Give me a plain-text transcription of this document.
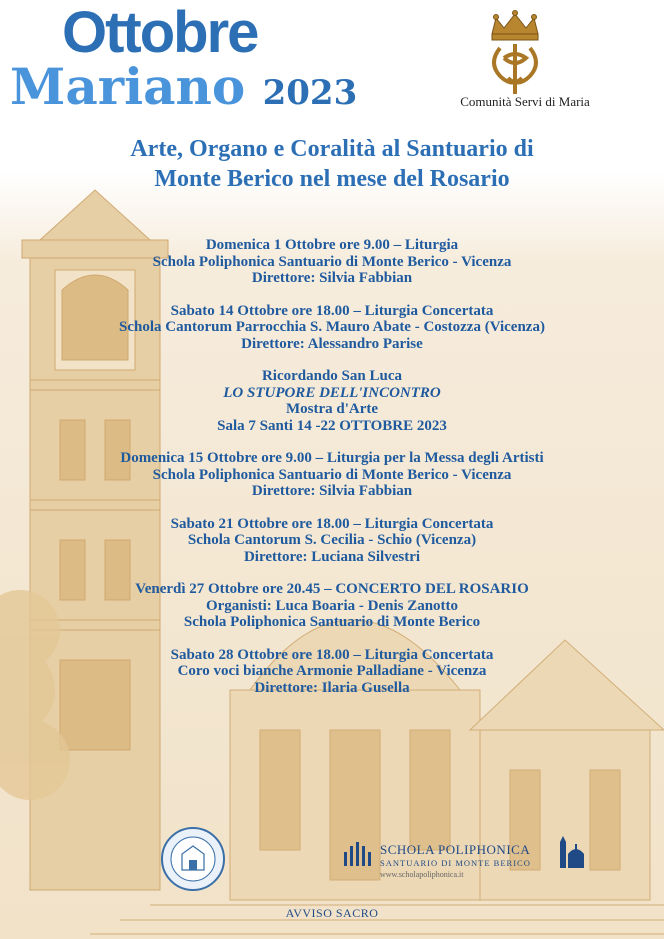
Ottobre
Mariano 2023	Comunità Servi di Maria
Arte, Organo e Coralità al Santuario di
Monte Berico nel mese del Rosario
Domenica 1 Ottobre ore 9.00 – Liturgia
Schola Poliphonica Santuario di Monte Berico - Vicenza
Direttore: Silvia Fabbian
Sabato 14 Ottobre ore 18.00 – Liturgia Concertata
Schola Cantorum Parrocchia S. Mauro Abate - Costozza (Vicenza)
Direttore: Alessandro Parise
Ricordando San Luca
LO STUPORE DELL'INCONTRO
Mostra d'Arte
Sala 7 Santi 14 -22 OTTOBRE 2023
Domenica 15 Ottobre ore 9.00 – Liturgia per la Messa degli Artisti
Schola Poliphonica Santuario di Monte Berico - Vicenza
Direttore: Silvia Fabbian
Sabato 21 Ottobre ore 18.00 – Liturgia Concertata
Schola Cantorum S. Cecilia - Schio (Vicenza)
Direttore: Luciana Silvestri
Venerdì 27 Ottobre ore 20.45 – CONCERTO DEL ROSARIO
Organisti: Luca Boaria - Denis Zanotto
Schola Poliphonica Santuario di Monte Berico
Sabato 28 Ottobre ore 18.00 – Liturgia Concertata
Coro voci bianche Armonie Palladiane - Vicenza
Direttore: Ilaria Gusella
SCHOLA POLIPHONICA
SANTUARIO DI MONTE BERICO
www.scholapoliphonica.it
AVVISO SACRO
